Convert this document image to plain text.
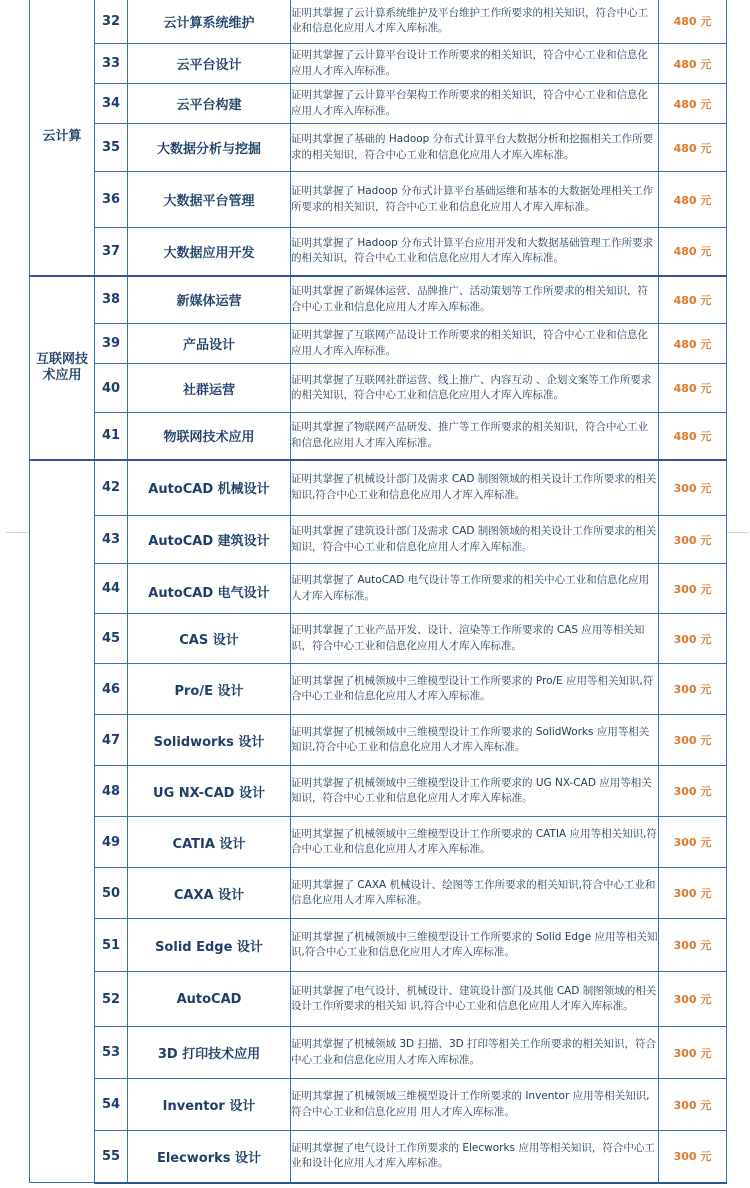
云计算	32	云计算系统维护	证明其掌握了云计算系统维护及平台维护工作所要求的相关知识，符合中心工业和信息化应用人才库入库标准。	480 元
	33	云平台设计	证明其掌握了云计算平台设计工作所要求的相关知识，符合中心工业和信息化应用人才库入库标准。	480 元
	34	云平台构建	证明其掌握了云计算平台架构工作所要求的相关知识，符合中心工业和信息化应用人才库入库标准。	480 元
	35	大数据分析与挖掘	证明其掌握了基础的 Hadoop 分布式计算平台大数据分析和挖掘相关工作所要求的相关知识，符合中心工业和信息化应用人才库入库标准。	480 元
	36	大数据平台管理	证明其掌握了 Hadoop 分布式计算平台基础运维和基本的大数据处理相关工作所要求的相关知识，符合中心工业和信息化应用人才库入库标准。	480 元
	37	大数据应用开发	证明其掌握了 Hadoop 分布式计算平台应用开发和大数据基础管理工作所要求的相关知识，符合中心工业和信息化应用人才库入库标准。	480 元
互联网技术应用	38	新媒体运营	证明其掌握了新媒体运营、品牌推广、活动策划等工作所要求的相关知识，符合中心工业和信息化应用人才库入库标准。	480 元
	39	产品设计	证明其掌握了互联网产品设计工作所要求的相关知识，符合中心工业和信息化应用人才库入库标准。	480 元
	40	社群运营	证明其掌握了互联网社群运营、线上推广、内容互动 、企划文案等工作所要求的相关知识，符合中心工业和信息化应用人才库入库标准。	480 元
	41	物联网技术应用	证明其掌握了物联网产品研发、推广等工作所要求的相关知识，符合中心工业和信息化应用人才库入库标准。	480 元
	42	AutoCAD 机械设计	证明其掌握了机械设计部门及需求 CAD 制图领域的相关设计工作所要求的相关知识,符合中心工业和信息化应用人才库入库标准。	300 元
	43	AutoCAD 建筑设计	证明其掌握了建筑设计部门及需求 CAD 制图领域的相关设计工作所要求的相关知识，符合中心工业和信息化应用人才库入库标准。	300 元
	44	AutoCAD 电气设计	证明其掌握了 AutoCAD 电气设计等工作所要求的相关中心工业和信息化应用人才库入库标准。	300 元
	45	CAS 设计	证明其掌握了工业产品开发、设计、渲染等工作所要求的 CAS 应用等相关知识，符合中心工业和信息化应用人才库入库标准。	300 元
	46	Pro/E 设计	证明其掌握了机械领域中三维模型设计工作所要求的 Pro/E 应用等相关知识,符合中心工业和信息化应用人才库入库标准。	300 元
	47	Solidworks 设计	证明其掌握了机械领域中三维模型设计工作所要求的 SolidWorks 应用等相关知识,符合中心工业和信息化应用人才库入库标准。	300 元
	48	UG NX-CAD 设计	证明其掌握了机械领域中三维模型设计工作所要求的 UG NX-CAD 应用等相关知识，符合中心工业和信息化应用人才库入库标准。	300 元
	49	CATIA 设计	证明其掌握了机械领域中三维模型设计工作所要求的 CATIA 应用等相关知识,符合中心工业和信息化应用人才库入库标准。	300 元
	50	CAXA 设计	证明其掌握了 CAXA 机械设计、绘图等工作所要求的相关知识,符合中心工业和信息化应用人才库入库标准。	300 元
	51	Solid Edge 设计	证明其掌握了机械领域中三维模型设计工作所要求的 Solid Edge 应用等相关知识,符合中心工业和信息化应用人才库入库标准。	300 元
	52	AutoCAD	证明其掌握了电气设计、机械设计、建筑设计部门及其他 CAD 制图领域的相关设计工作所要求的相关知 识,符合中心工业和信息化应用人才库入库标准。	300 元
	53	3D 打印技术应用	证明其掌握了机械领域 3D 扫描、3D 打印等相关工作所要求的相关知识，符合中心工业和信息化应用人才库入库标准。	300 元
	54	Inventor 设计	证明其掌握了机械领域三维模型设计工作所要求的 Inventor 应用等相关知识,符合中心工业和信息化应用 用人才库入库标准。	300 元
	55	Elecworks 设计	证明其掌握了电气设计工作所要求的 Elecworks 应用等相关知识，符合中心工业和设计化应用人才库入库标准。	300 元
